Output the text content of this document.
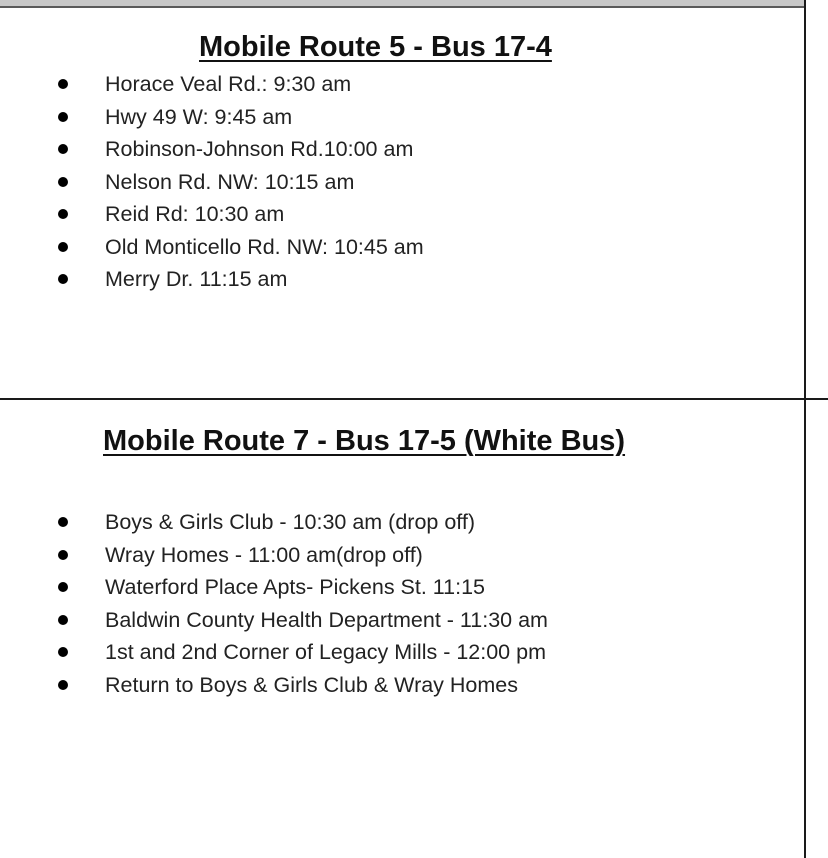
Mobile Route 5 - Bus 17-4
Horace Veal Rd.: 9:30 am
Hwy 49 W: 9:45 am
Robinson-Johnson Rd.10:00 am
Nelson Rd. NW: 10:15 am
Reid Rd: 10:30 am
Old Monticello Rd. NW: 10:45 am
Merry Dr. 11:15 am
Mobile Route 7 - Bus 17-5 (White Bus)
Boys & Girls Club - 10:30 am (drop off)
Wray Homes - 11:00 am(drop off)
Waterford Place Apts- Pickens St. 11:15
Baldwin County Health Department - 11:30 am
1st and 2nd Corner of Legacy Mills - 12:00 pm
Return to Boys & Girls Club & Wray Homes
